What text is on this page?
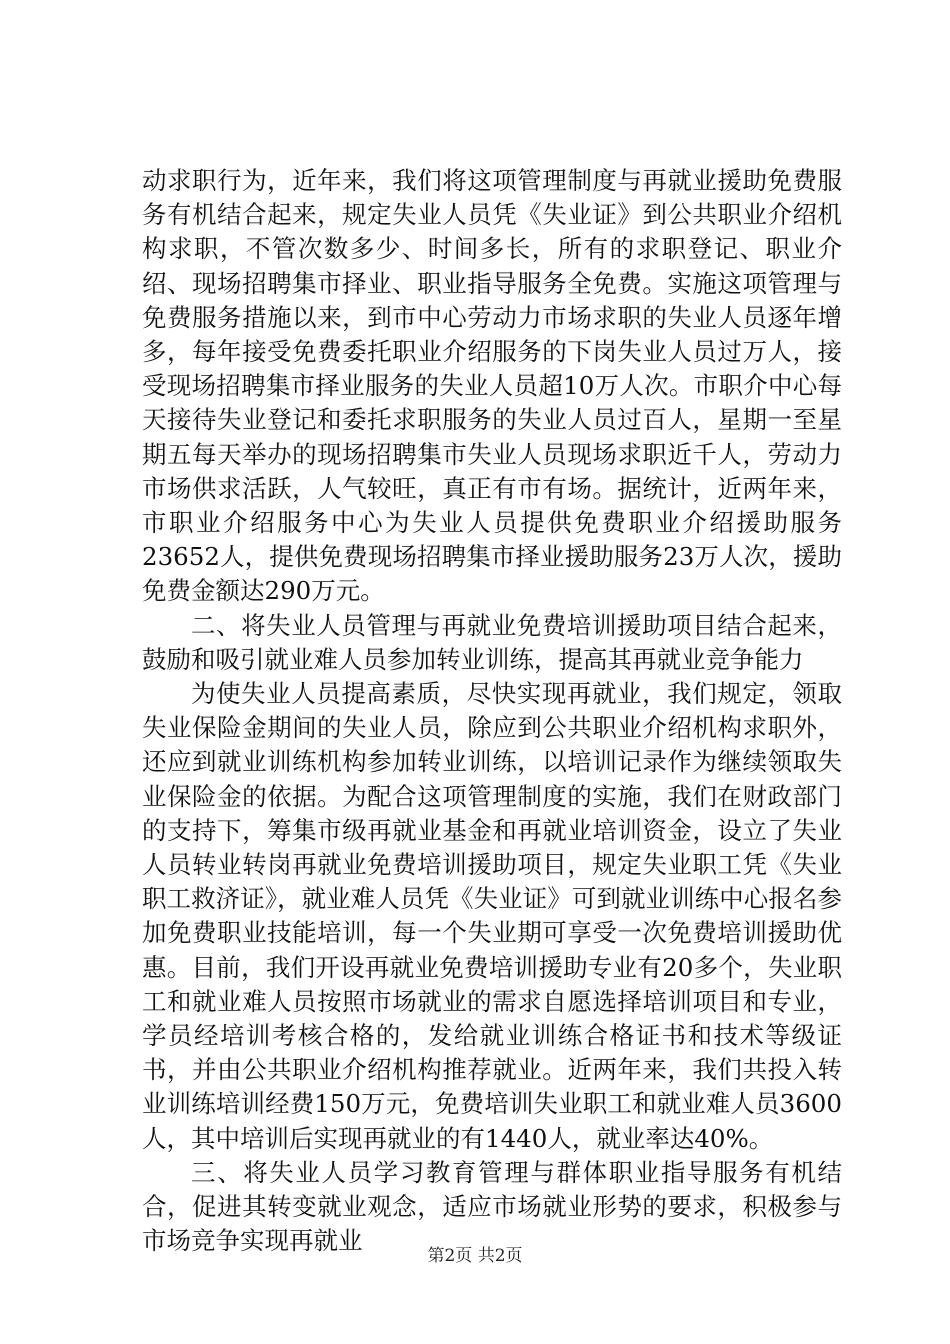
动求职行为，近年来，我们将这项管理制度与再就业援助免费服务有机结合起来，规定失业人员凭《失业证》到公共职业介绍机构求职，不管次数多少、时间多长，所有的求职登记、职业介绍、现场招聘集市择业、职业指导服务全免费。实施这项管理与免费服务措施以来，到市中心劳动力市场求职的失业人员逐年增多，每年接受免费委托职业介绍服务的下岗失业人员过万人，接受现场招聘集市择业服务的失业人员超10万人次。市职介中心每天接待失业登记和委托求职服务的失业人员过百人，星期一至星期五每天举办的现场招聘集市失业人员现场求职近千人，劳动力市场供求活跃，人气较旺，真正有市有场。据统计，近两年来，市职业介绍服务中心为失业人员提供免费职业介绍援助服务23652人，提供免费现场招聘集市择业援助服务23万人次，援助免费金额达290万元。

二、将失业人员管理与再就业免费培训援助项目结合起来，鼓励和吸引就业难人员参加转业训练，提高其再就业竞争能力

为使失业人员提高素质，尽快实现再就业，我们规定，领取失业保险金期间的失业人员，除应到公共职业介绍机构求职外，还应到就业训练机构参加转业训练，以培训记录作为继续领取失业保险金的依据。为配合这项管理制度的实施，我们在财政部门的支持下，筹集市级再就业基金和再就业培训资金，设立了失业人员转业转岗再就业免费培训援助项目，规定失业职工凭《失业职工救济证》，就业难人员凭《失业证》可到就业训练中心报名参加免费职业技能培训，每一个失业期可享受一次免费培训援助优惠。目前，我们开设再就业免费培训援助专业有20多个，失业职工和就业难人员按照市场就业的需求自愿选择培训项目和专业，学员经培训考核合格的，发给就业训练合格证书和技术等级证书，并由公共职业介绍机构推荐就业。近两年来，我们共投入转业训练培训经费150万元，免费培训失业职工和就业难人员3600人，其中培训后实现再就业的有1440人，就业率达40%。

三、将失业人员学习教育管理与群体职业指导服务有机结合，促进其转变就业观念，适应市场就业形势的要求，积极参与市场竞争实现再就业

第2页 共2页
